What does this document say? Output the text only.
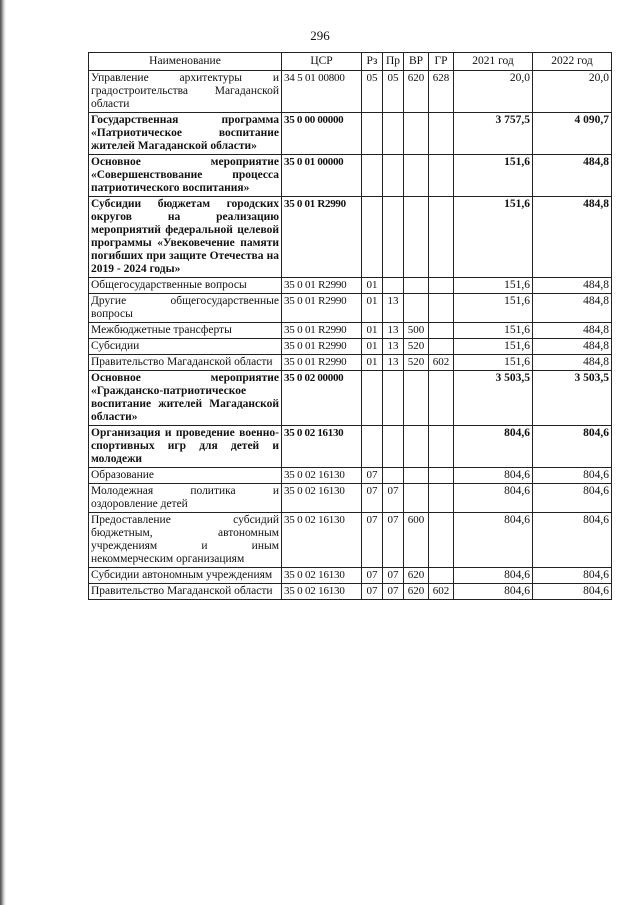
296
Наименование	ЦСР	Рз	Пр	ВР	ГР	2021 год	2022 год
Управление архитектуры и градостроительства Магаданской области	34 5 01 00800	05	05	620	628	20,0	20,0
Государственная программа «Патриотическое воспитание жителей Магаданской области»	35 0 00 00000					3 757,5	4 090,7
Основное мероприятие «Совершенствование процесса патриотического воспитания»	35 0 01 00000					151,6	484,8
Субсидии бюджетам городских округов на реализацию мероприятий федеральной целевой программы «Увековечение памяти погибших при защите Отечества на 2019 - 2024 годы»	35 0 01 R2990					151,6	484,8
Общегосударственные вопросы	35 0 01 R2990	01				151,6	484,8
Другие общегосударственные вопросы	35 0 01 R2990	01	13			151,6	484,8
Межбюджетные трансферты	35 0 01 R2990	01	13	500		151,6	484,8
Субсидии	35 0 01 R2990	01	13	520		151,6	484,8
Правительство Магаданской области	35 0 01 R2990	01	13	520	602	151,6	484,8
Основное мероприятие «Гражданско-патриотическое воспитание жителей Магаданской области»	35 0 02 00000					3 503,5	3 503,5
Организация и проведение военно-спортивных игр для детей и молодежи	35 0 02 16130					804,6	804,6
Образование	35 0 02 16130	07				804,6	804,6
Молодежная политика и оздоровление детей	35 0 02 16130	07	07			804,6	804,6
Предоставление субсидий бюджетным, автономным учреждениям и иным некоммерческим организациям	35 0 02 16130	07	07	600		804,6	804,6
Субсидии автономным учреждениям	35 0 02 16130	07	07	620		804,6	804,6
Правительство Магаданской области	35 0 02 16130	07	07	620	602	804,6	804,6
